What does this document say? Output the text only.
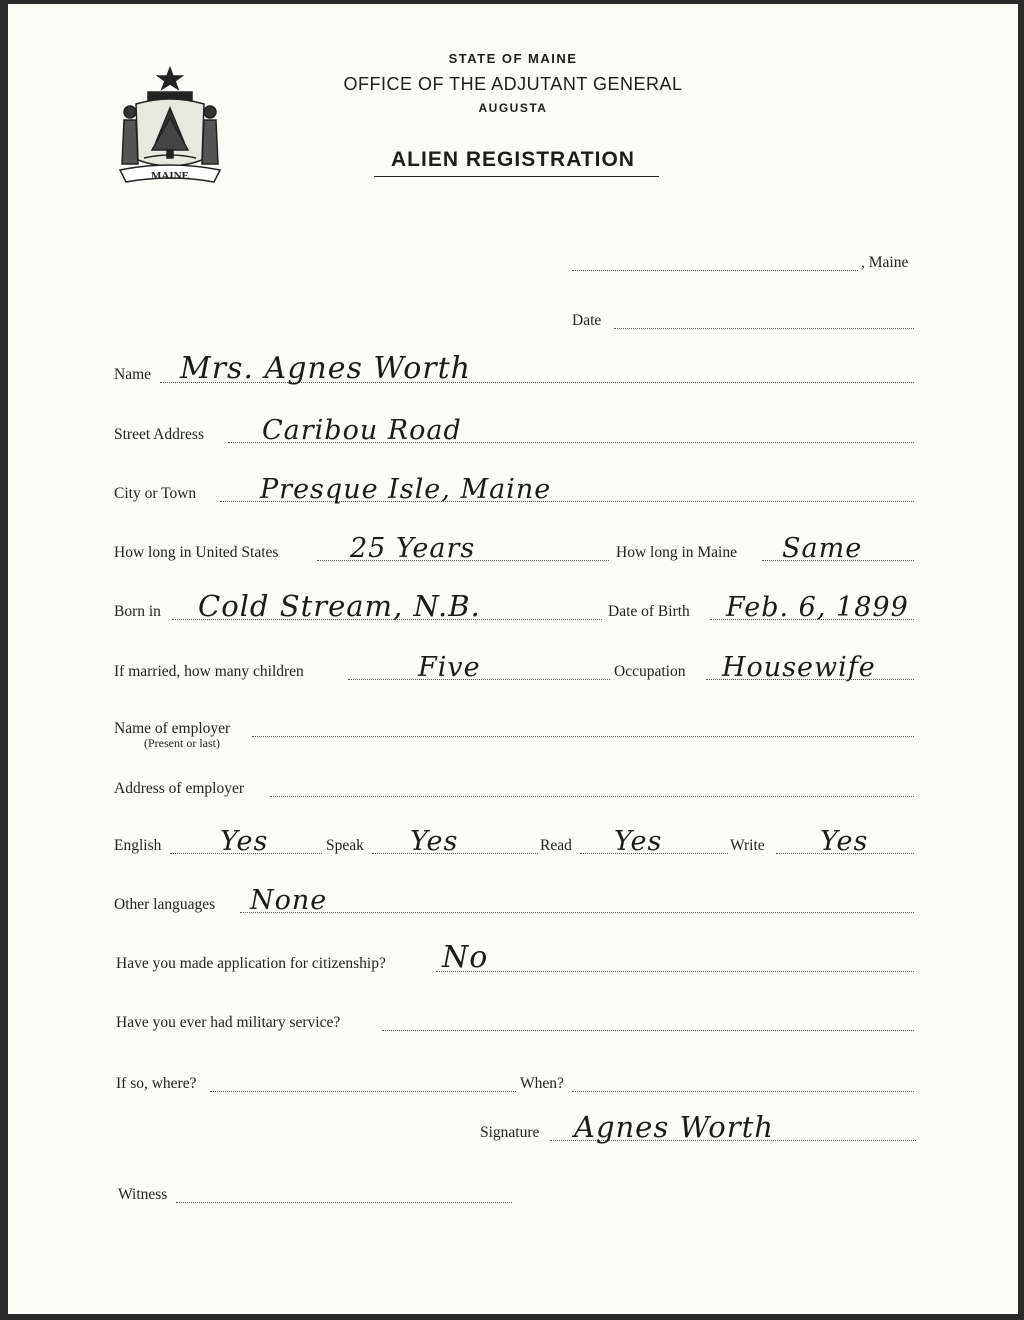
MAINE
STATE OF MAINE
OFFICE OF THE ADJUTANT GENERAL
AUGUSTA
ALIEN REGISTRATION
, Maine
Date
Name Mrs. Agnes Worth
Street Address Caribou Road
City or Town Presque Isle, Maine
How long in United States	25 Years	How long in Maine Same
Born in Cold Stream, N.B.	Date of Birth Feb. 6, 1899
If married, how many children	Five	Occupation Housewife
Name of employer
(Present or last)
Address of employer
English Yes	Speak Yes	Read Yes	Write Yes
Other languages None
Have you made application for citizenship? No
Have you ever had military service?
If so, where?	When?
Signature Agnes Worth
Witness
